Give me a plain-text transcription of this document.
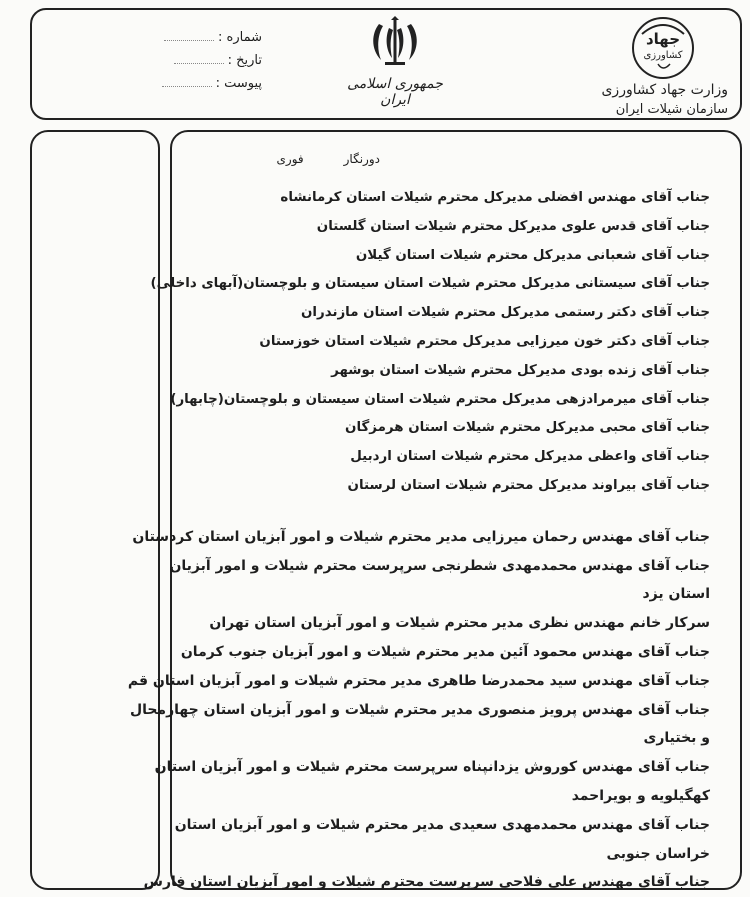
شماره :
تاریخ :
پیوست :	جمهوری اسلامی ایران
جهاد
کشاورزی
وزارت جهاد کشاورزی
سازمان شیلات ایران
دورنگار
فوری
جناب آقای مهندس افضلی مدیرکل محترم شیلات استان کرمانشاه
جناب آقای قدس علوی مدیرکل محترم شیلات استان گلستان
جناب آقای شعبانی مدیرکل محترم شیلات استان گیلان
جناب آقای سیستانی مدیرکل محترم شیلات استان سیستان و بلوچستان(آبهای داخلی)
جناب آقای دکتر رستمی مدیرکل محترم شیلات استان مازندران
جناب آقای دکتر خون میرزایی مدیرکل محترم شیلات استان خوزستان
جناب آقای زنده بودی مدیرکل محترم شیلات استان بوشهر
جناب آقای میرمرادزهی مدیرکل محترم شیلات استان سیستان و بلوچستان(چابهار)
جناب آقای محبی مدیرکل محترم شیلات استان هرمزگان
جناب آقای واعظی مدیرکل محترم شیلات استان اردبیل
جناب آقای بیراوند مدیرکل محترم شیلات استان لرستان
جناب آقای مهندس رحمان میرزایی مدیر محترم شیلات و امور آبزیان استان کردستان
جناب آقای مهندس محمدمهدی شطرنجی سرپرست محترم شیلات و امور آبزیان
استان یزد
سرکار خانم مهندس نظری مدیر محترم شیلات و امور آبزیان استان تهران
جناب آقای مهندس محمود آئین مدیر محترم شیلات و امور آبزیان جنوب کرمان
جناب آقای مهندس سید محمدرضا طاهری مدیر محترم شیلات و امور آبزیان استان قم
جناب آقای مهندس پرویز منصوری مدیر محترم شیلات و امور آبزیان استان چهارمحال
و بختیاری
جناب آقای مهندس کوروش یزدانپناه سرپرست محترم شیلات و امور آبزیان استان
کهگیلویه و بویراحمد
جناب آقای مهندس محمدمهدی سعیدی مدیر محترم شیلات و امور آبزیان استان
خراسان جنوبی
جناب آقای مهندس علی فلاحی سرپرست محترم شیلات و امور آبزیان استان فارس
